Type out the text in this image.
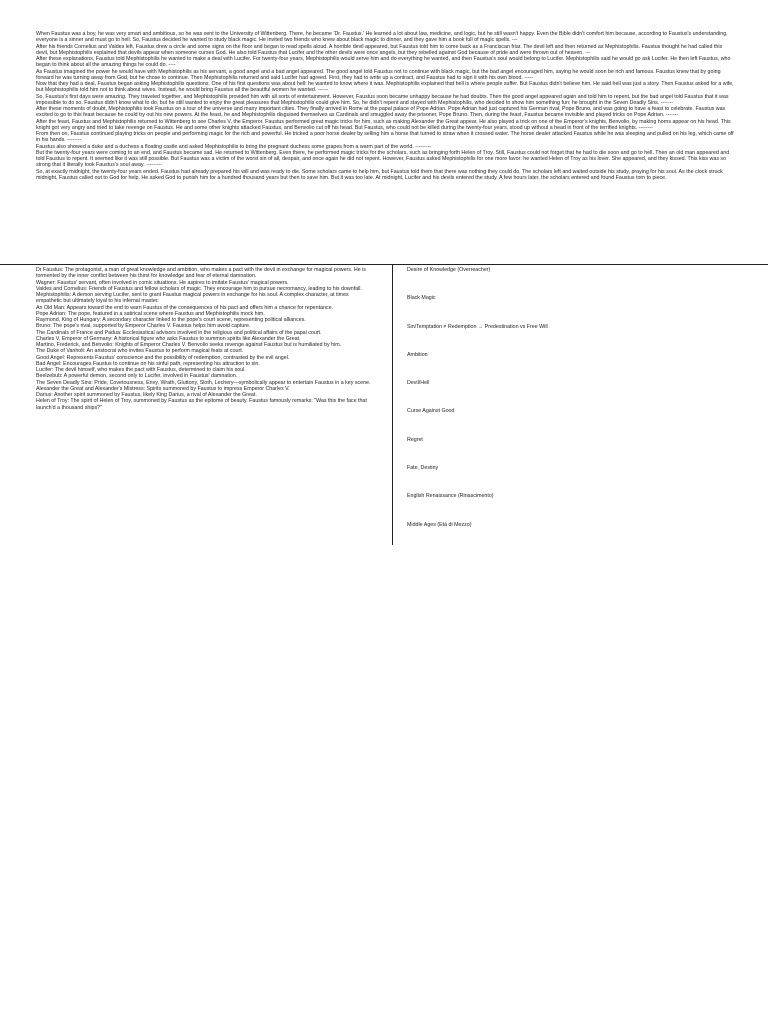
When Faustus was a boy, he was very smart and ambitious, so he was sent to the University of Wittenberg. There, he became 'Dr. Faustus.' He learned a lot about law, medicine, and logic, but he still wasn't happy. Even the Bible didn't comfort him because, according to Faustus's understanding, everyone is a sinner and must go to hell. So, Faustus decided he wanted to study black magic. He invited two friends who knew about black magic to dinner, and they gave him a book full of magic spells. ---

After his friends Cornelius and Valdes left, Faustus drew a circle and some signs on the floor and began to read spells aloud. A horrible devil appeared, but Faustus told him to come back as a Franciscan friar. The devil left and then returned as Mephistophilis. Faustus thought he had called this devil, but Mephistophilis explained that devils appear when someone curses God. He also told Faustus that Lucifer and the other devils were once angels, but they rebelled against God because of pride and were thrown out of heaven. ---

After these explanations, Faustus told Mephistophilis he wanted to make a deal with Lucifer. For twenty-four years, Mephistophilis would serve him and do everything he wanted, and then Faustus's soul would belong to Lucifer. Mephistophilis said he would go ask Lucifer. He then left Faustus, who began to think about all the amazing things he could do. ----

As Faustus imagined the power he would have with Mephistophilis as his servant, a good angel and a bad angel appeared. The good angel told Faustus not to continue with black magic, but the bad angel encouraged him, saying he would soon be rich and famous. Faustus knew that by going forward he was turning away from God, but he chose to continue. Then Mephistophilis returned and said Lucifer had agreed. First, they had to write up a contract, and Faustus had to sign it with his own blood. -----

Now that they had a deal, Faustus began asking Mephistophilis questions. One of his first questions was about hell: he wanted to know where it was. Mephistophilis explained that hell is where people suffer. But Faustus didn't believe him. He said hell was just a story. Then Faustus asked for a wife, but Mephistophilis told him not to think about wives. Instead, he would bring Faustus all the beautiful women he wanted. ------

So, Faustus's first days were amazing. They traveled together, and Mephistophilis provided him with all sorts of entertainment. However, Faustus soon became unhappy because he had doubts. Then the good angel appeared again and told him to repent, but the bad angel told Faustus that it was impossible to do so. Faustus didn't know what to do, but he still wanted to enjoy the great pleasures that Mephistophilis could give him. So, he didn't repent and stayed with Mephistophilis, who decided to show him something fun: he brought in the Seven Deadly Sins. -------

After these moments of doubt, Mephistophilis took Faustus on a tour of the universe and many important cities. They finally arrived in Rome at the papal palace of Pope Adrian. Pope Adrian had just captured his German rival, Pope Bruno, and was going to have a feast to celebrate. Faustus was excited to go to this feast because he could try out his new powers. At the feast, he and Mephistophilis disguised themselves as Cardinals and smuggled away the prisoner, Pope Bruno. Then, during the feast, Faustus became invisible and played tricks on Pope Adrian. -------

After the feast, Faustus and Mephistophilis returned to Wittenberg to see Charles V, the Emperor. Faustus performed great magic tricks for him, such as making Alexander the Great appear. He also played a trick on one of the Emperor's knights, Benvolio, by making horns appear on his head. This knight got very angry and tried to take revenge on Faustus. He and some other knights attacked Faustus, and Benvolio cut off his head. But Faustus, who could not be killed during the twenty-four years, stood up without a head in front of the terrified knights. --------

From then on, Faustus continued playing tricks on people and performing magic for the rich and powerful. He tricked a poor horse dealer by selling him a horse that turned to straw when it crossed water. The horse dealer attacked Faustus while he was sleeping and pulled on his leg, which came off in his hands. --------

Faustus also showed a duke and a duchess a floating castle and asked Mephistophilis to bring the pregnant duchess some grapes from a warm part of the world. ---------

But the twenty-four years were coming to an end, and Faustus became sad. He returned to Wittenberg. Even there, he performed magic tricks for the scholars, such as bringing forth Helen of Troy. Still, Faustus could not forget that he had to die soon and go to hell. Then an old man appeared and told Faustus to repent. It seemed like it was still possible. But Faustus was a victim of the worst sin of all, despair, and once again he did not repent. However, Faustus asked Mephistophilis for one more favor: he wanted Helen of Troy as his lover. She appeared, and they kissed. This kiss was so strong that it literally took Faustus's soul away. ---------

So, at exactly midnight, the twenty-four years ended. Faustus had already prepared his will and was ready to die. Some scholars came to help him, but Faustus told them that there was nothing they could do. The scholars left and waited outside his study, praying for his soul. As the clock struck midnight, Faustus called out to God for help. He asked God to punish him for a hundred thousand years but then to save him. But it was too late. At midnight, Lucifer and his devils entered the study. A few hours later, the scholars entered and found Faustus torn to piece.

Dr Faustus: The protagonist, a man of great knowledge and ambition, who makes a pact with the devil in exchange for magical powers. He is tormented by the inner conflict between his thirst for knowledge and fear of eternal damnation.

Wagner: Faustus' servant, often involved in comic situations. He aspires to imitate Faustus' magical powers.

Valdes and Cornelius: Friends of Faustus and fellow scholars of magic. They encourage him to pursue necromancy, leading to his downfall.

Mephistophilis: A demon serving Lucifer, sent to grant Faustus magical powers in exchange for his soul. A complex character, at times empathetic but ultimately loyal to his infernal master.

An Old Man: Appears toward the end to warn Faustus of the consequences of his pact and offers him a chance for repentance.

Pope Adrian: The pope, featured in a satirical scene where Faustus and Mephistophilis mock him.

Raymond, King of Hungary: A secondary character linked to the pope's court scene, representing political alliances.

Bruno: The pope's rival, supported by Emperor Charles V. Faustus helps him avoid capture.

The Cardinals of France and Padua: Ecclesiastical advisors involved in the religious and political affairs of the papal court.

Charles V, Emperor of Germany: A historical figure who asks Faustus to summon spirits like Alexander the Great.

Martino, Frederick, and Benvolio: Knights of Emperor Charles V. Benvolio seeks revenge against Faustus but is humiliated by him.

The Duke of Vanholt: An aristocrat who invites Faustus to perform magical feats at court.

Good Angel: Represents Faustus' conscience and the possibility of redemption, contrasted by the evil angel.

Bad Angel: Encourages Faustus to continue on his sinful path, representing his attraction to sin.

Lucifer: The devil himself, who makes the pact with Faustus, determined to claim his soul.

Beelzebub: A powerful demon, second only to Lucifer, involved in Faustus' damnation.

The Seven Deadly Sins: Pride, Covetousness, Envy, Wrath, Gluttony, Sloth, Lechery—symbolically appear to entertain Faustus in a key scene.

Alexander the Great and Alexander's Mistress: Spirits summoned by Faustus to impress Emperor Charles V.

Darius: Another spirit summoned by Faustus, likely King Darius, a rival of Alexander the Great.

Helen of Troy: The spirit of Helen of Troy, summoned by Faustus as the epitome of beauty. Faustus famously remarks: "Was this the face that launch'd a thousand ships?"

Desire of Knowledge (Overreacher)

Black Magic

Sin/Temptation ≠ Redemption → Predestination vs Free Will

Ambition

Devil/Hell

Curse Against Good

Regret

Fate, Destiny

English Renaissance (Rinascimento)

Middle Ages (Età di Mezzo)
